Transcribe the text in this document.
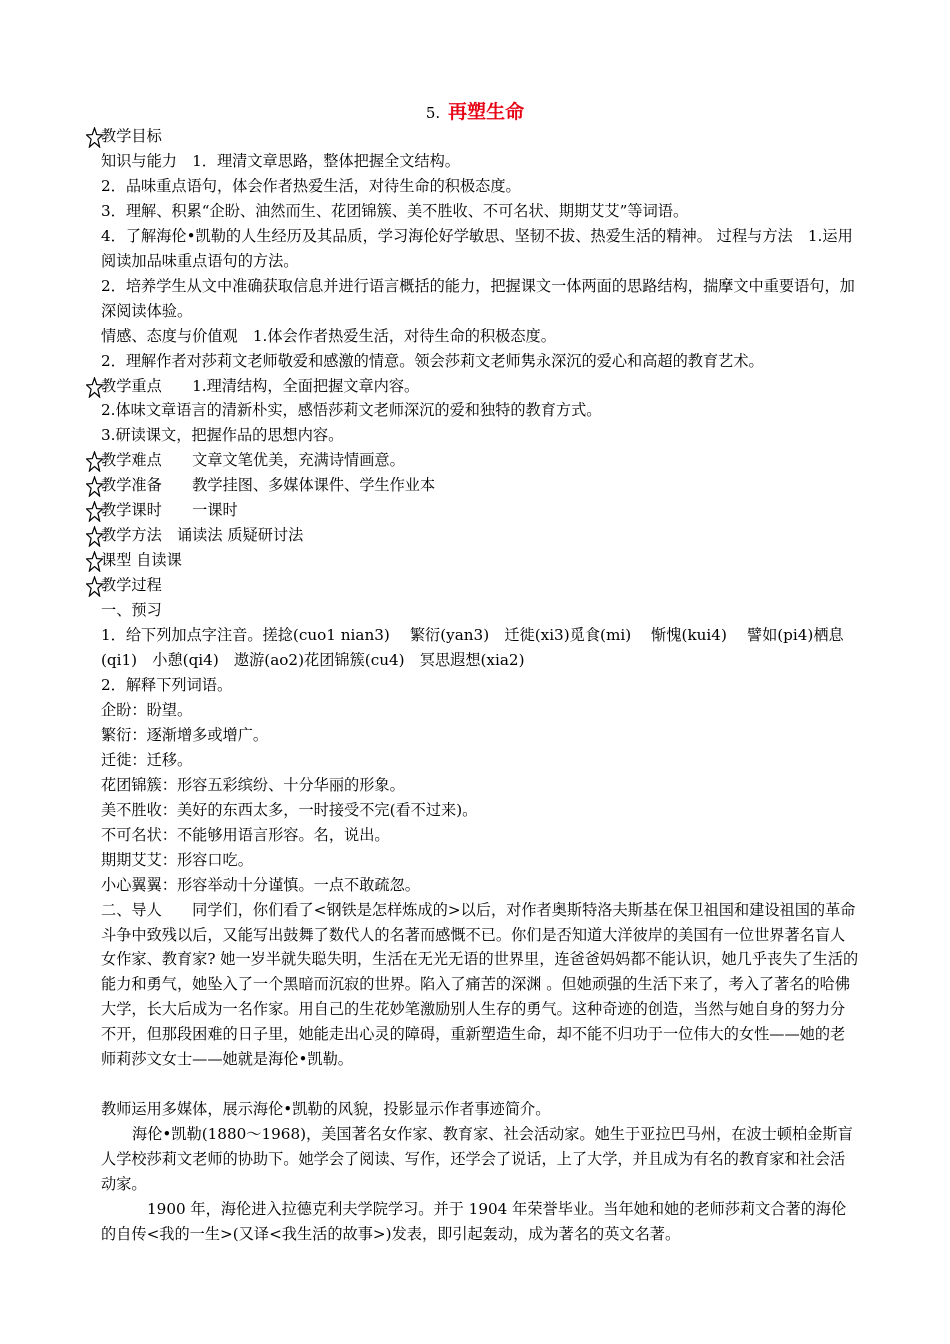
5. 再塑生命

教学目标

知识与能力　1．理清文章思路，整体把握全文结构。

2．品味重点语句，体会作者热爱生活，对待生命的积极态度。

3．理解、积累“企盼、油然而生、花团锦簇、美不胜收、不可名状、期期艾艾”等词语。

4．了解海伦•凯勒的人生经历及其品质，学习海伦好学敏思、坚韧不拔、热爱生活的精神。 过程与方法　1.运用阅读加品味重点语句的方法。

2．培养学生从文中准确获取信息并进行语言概括的能力，把握课文一体两面的思路结构，揣摩文中重要语句，加深阅读体验。

情感、态度与价值观　1.体会作者热爱生活，对待生命的积极态度。

2．理解作者对莎莉文老师敬爱和感激的情意。领会莎莉文老师隽永深沉的爱心和高超的教育艺术。

教学重点　　1.理清结构，全面把握文章内容。

2.体味文章语言的清新朴实，感悟莎莉文老师深沉的爱和独特的教育方式。

3.研读课文，把握作品的思想内容。

教学难点　　文章文笔优美，充满诗情画意。

教学准备　　教学挂图、多媒体课件、学生作业本

教学课时　　一课时

教学方法　诵读法 质疑研讨法

课型 自读课

教学过程

一、预习

1．给下列加点字注音。搓捻(cuo1 nian3)　 繁衍(yan3)　迁徙(xi3)觅食(mi)　 惭愧(kui4)　 譬如(pi4)栖息(qi1)　小憩(qi4)　遨游(ao2)花团锦簇(cu4)　冥思遐想(xia2)

2．解释下列词语。

企盼：盼望。

繁衍：逐渐增多或增广。

迁徙：迁移。

花团锦簇：形容五彩缤纷、十分华丽的形象。

美不胜收：美好的东西太多，一时接受不完(看不过来)。

不可名状：不能够用语言形容。名，说出。

期期艾艾：形容口吃。

小心翼翼：形容举动十分谨慎。一点不敢疏忽。

二、导人　　同学们，你们看了<钢铁是怎样炼成的>以后，对作者奥斯特洛夫斯基在保卫祖国和建设祖国的革命斗争中致残以后，又能写出鼓舞了数代人的名著而感慨不已。你们是否知道大洋彼岸的美国有一位世界著名盲人女作家、教育家? 她一岁半就失聪失明，生活在无光无语的世界里，连爸爸妈妈都不能认识，她几乎丧失了生活的能力和勇气，她坠入了一个黑暗而沉寂的世界。陷入了痛苦的深渊 。但她顽强的生活下来了，考入了著名的哈佛大学，长大后成为一名作家。用自己的生花妙笔激励别人生存的勇气。这种奇迹的创造，当然与她自身的努力分不开，但那段困难的日子里，她能走出心灵的障碍，重新塑造生命，却不能不归功于一位伟大的女性——她的老师莉莎文女士——她就是海伦•凯勒。

教师运用多媒体，展示海伦•凯勒的风貌，投影显示作者事迹简介。

海伦•凯勒(1880～1968)，美国著名女作家、教育家、社会活动家。她生于亚拉巴马州，在波士顿柏金斯盲人学校莎莉文老师的协助下。她学会了阅读、写作，还学会了说话，上了大学，并且成为有名的教育家和社会活动家。

1900 年，海伦进入拉德克利夫学院学习。并于 1904 年荣誉毕业。当年她和她的老师莎莉文合著的海伦的自传<我的一生>(又译<我生活的故事>)发表，即引起轰动，成为著名的英文名著。
